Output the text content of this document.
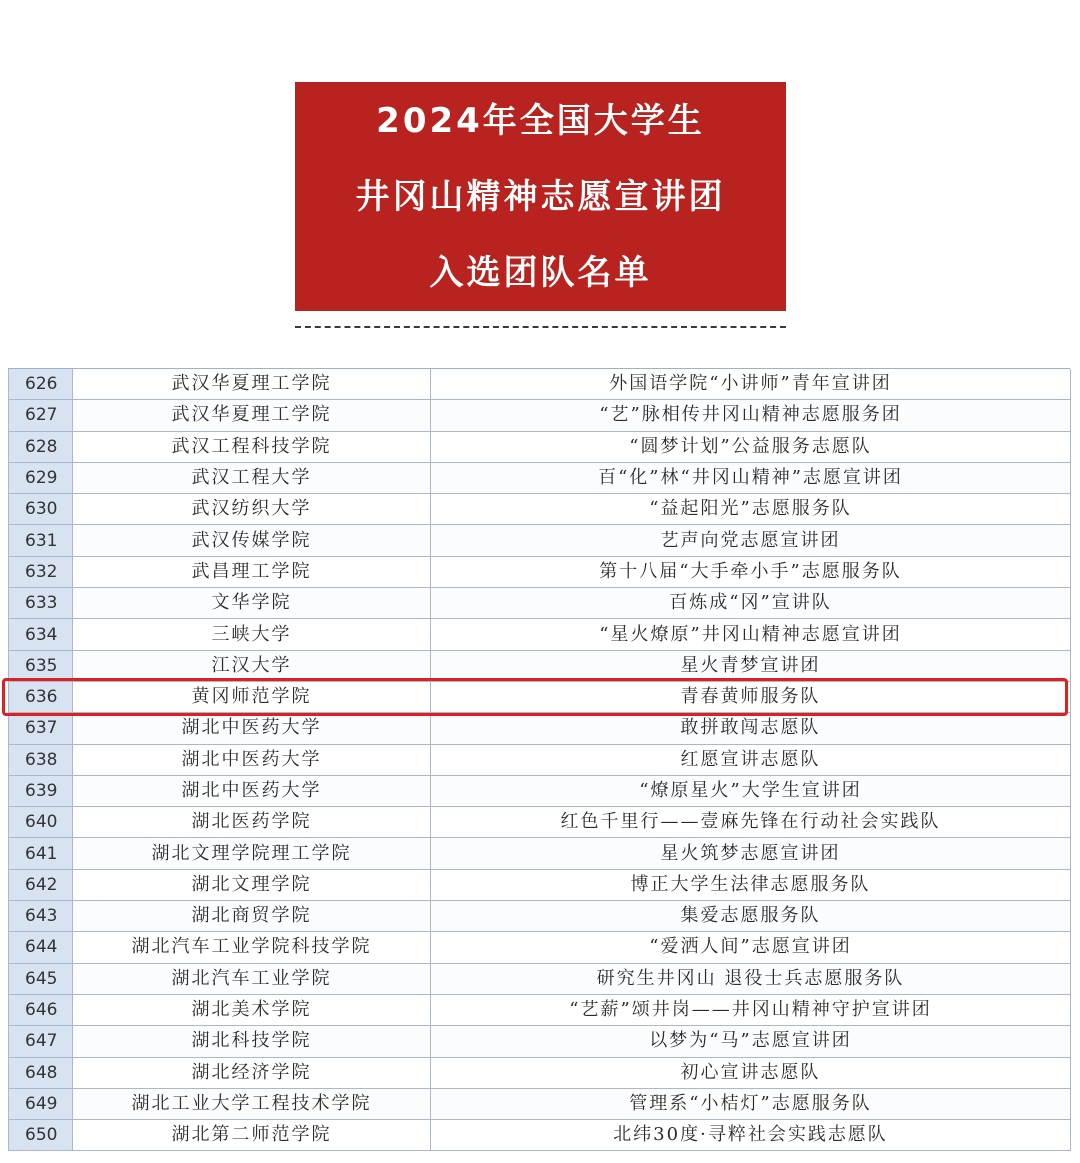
2024年全国大学生
井冈山精神志愿宣讲团
入选团队名单
626	武汉华夏理工学院	外国语学院“小讲师”青年宣讲团
627	武汉华夏理工学院	“艺”脉相传井冈山精神志愿服务团
628	武汉工程科技学院	“圆梦计划”公益服务志愿队
629	武汉工程大学	百“化”林“井冈山精神”志愿宣讲团
630	武汉纺织大学	“益起阳光”志愿服务队
631	武汉传媒学院	艺声向党志愿宣讲团
632	武昌理工学院	第十八届“大手牵小手”志愿服务队
633	文华学院	百炼成“冈”宣讲队
634	三峡大学	“星火燎原”井冈山精神志愿宣讲团
635	江汉大学	星火青梦宣讲团
636	黄冈师范学院	青春黄师服务队
637	湖北中医药大学	敢拼敢闯志愿队
638	湖北中医药大学	红愿宣讲志愿队
639	湖北中医药大学	“燎原星火”大学生宣讲团
640	湖北医药学院	红色千里行——壹麻先锋在行动社会实践队
641	湖北文理学院理工学院	星火筑梦志愿宣讲团
642	湖北文理学院	博正大学生法律志愿服务队
643	湖北商贸学院	集爱志愿服务队
644	湖北汽车工业学院科技学院	“爱洒人间”志愿宣讲团
645	湖北汽车工业学院	研究生井冈山 退役士兵志愿服务队
646	湖北美术学院	“艺薪”颂井岗——井冈山精神守护宣讲团
647	湖北科技学院	以梦为“马”志愿宣讲团
648	湖北经济学院	初心宣讲志愿队
649	湖北工业大学工程技术学院	管理系“小桔灯”志愿服务队
650	湖北第二师范学院	北纬30度·寻粹社会实践志愿队
